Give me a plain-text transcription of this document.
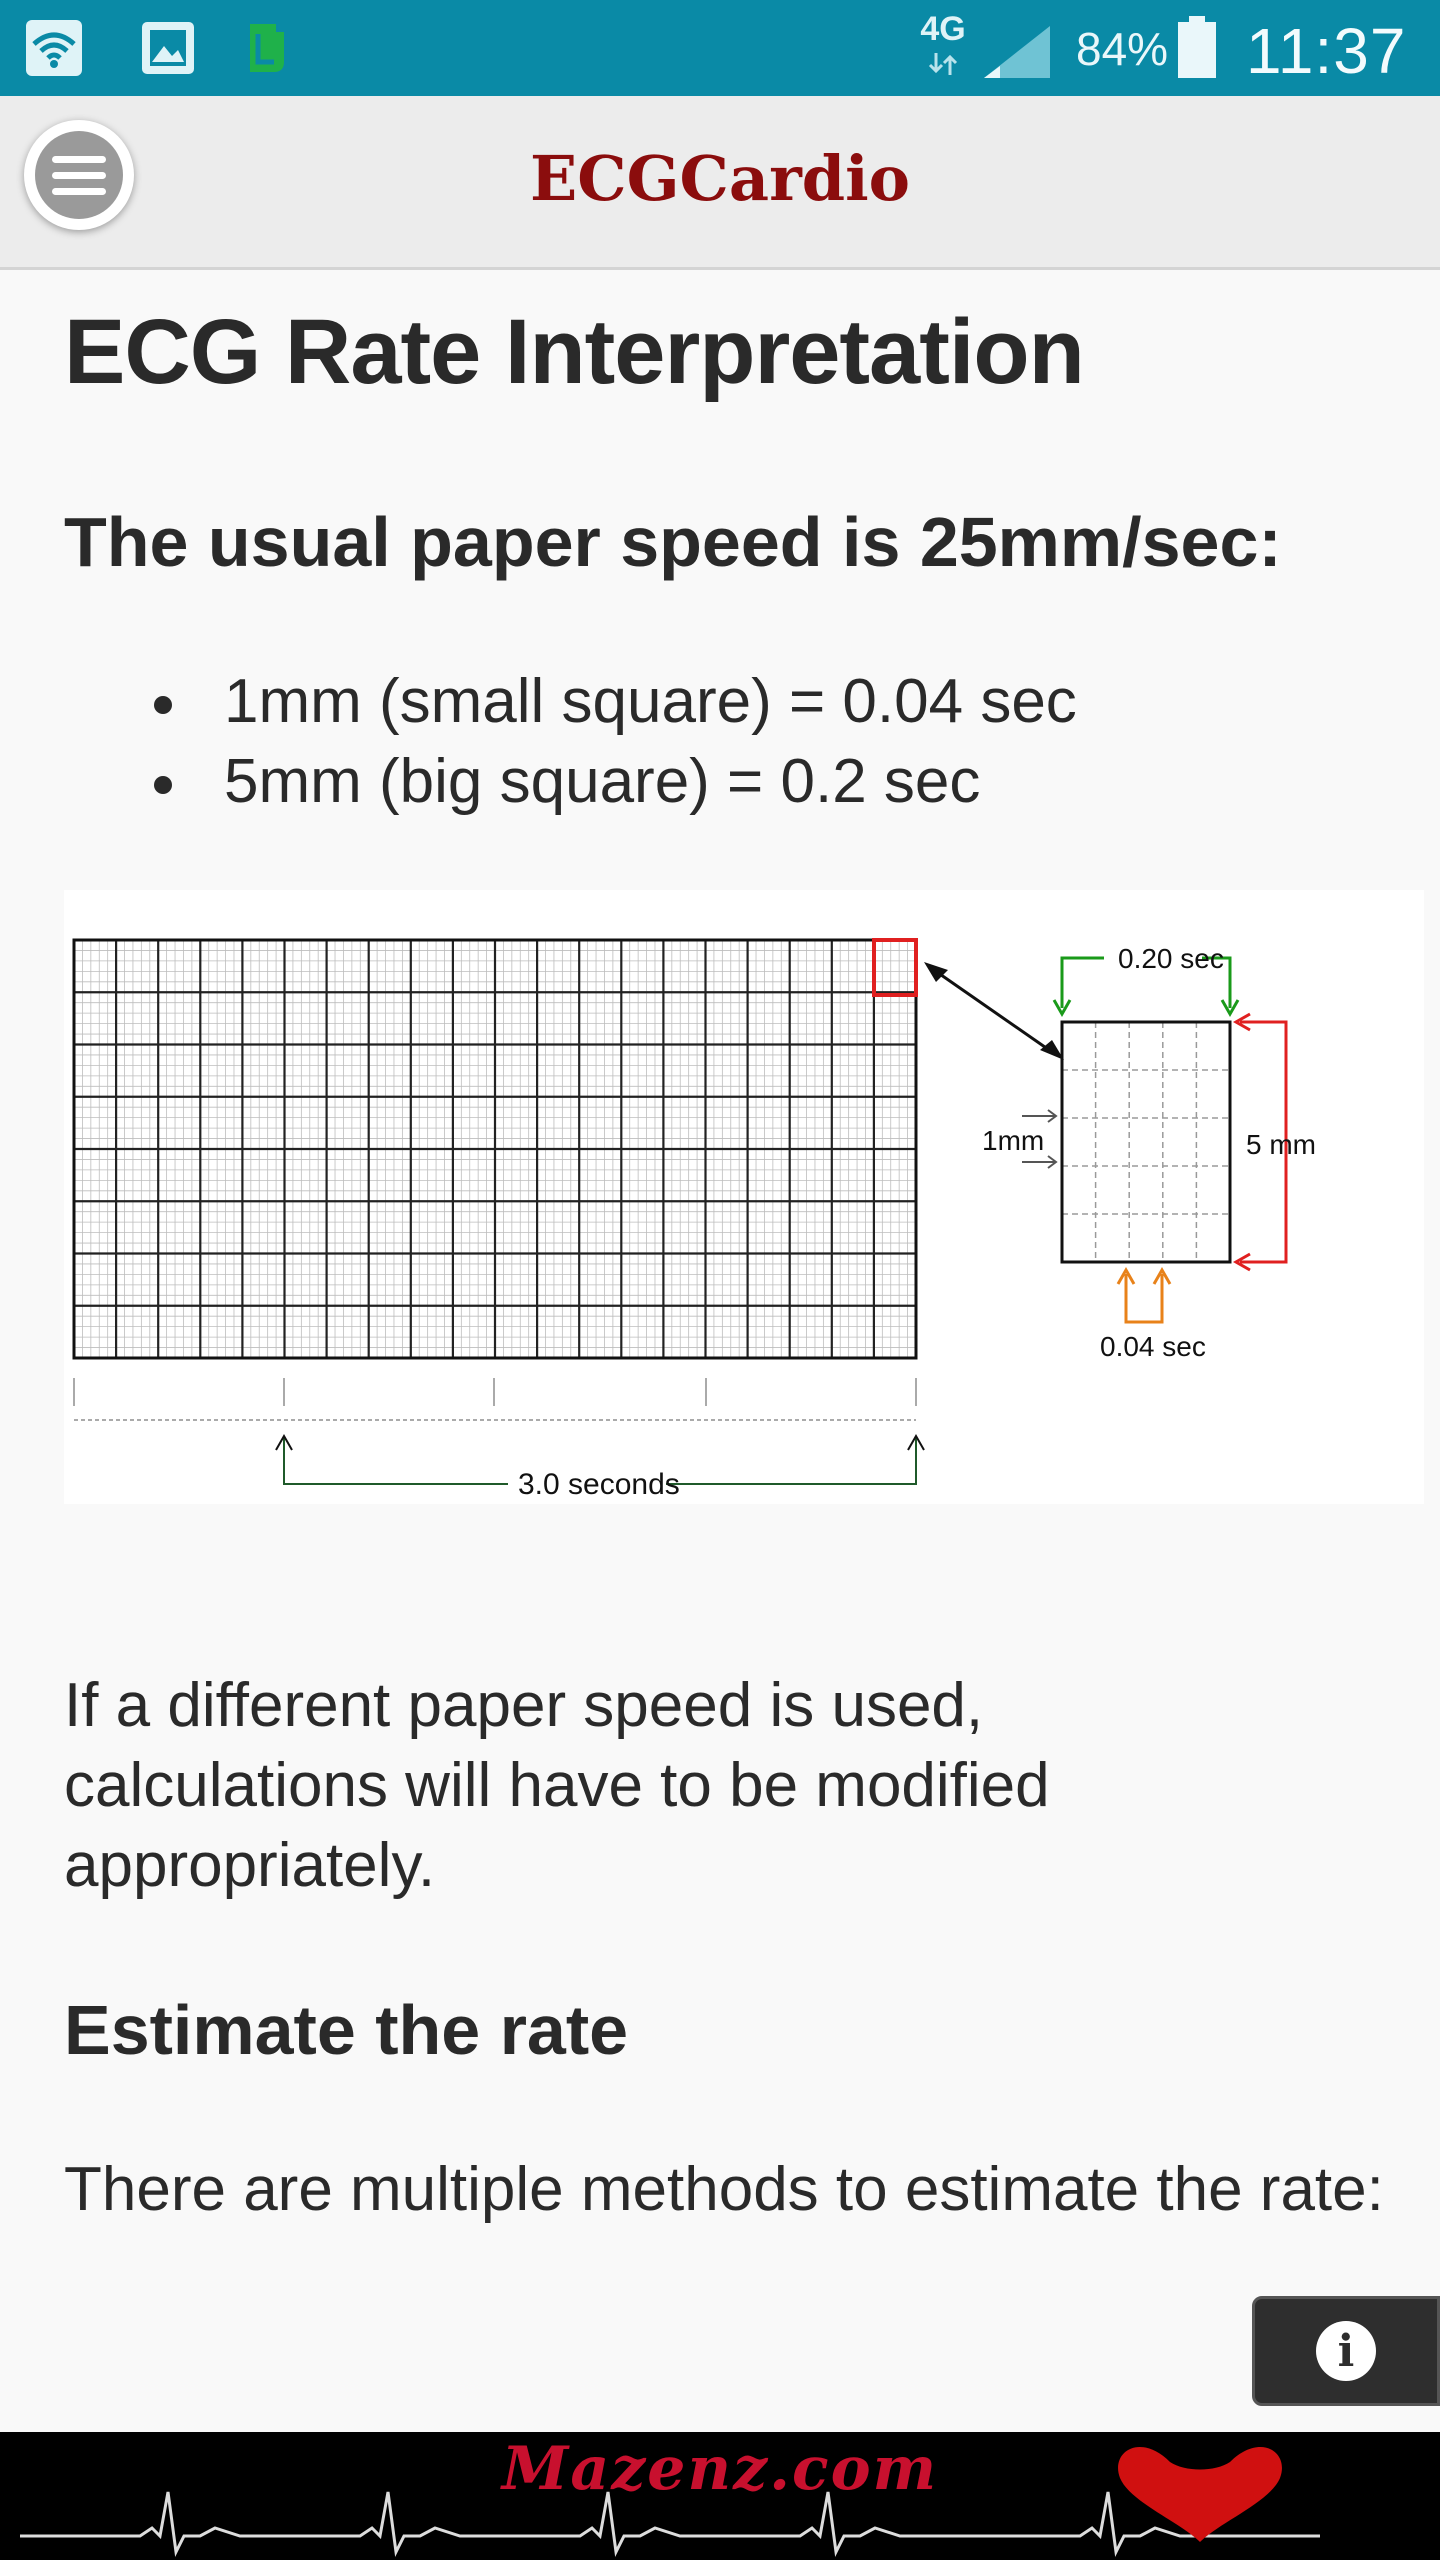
4G 84% 11:37
ECGCardio
ECG Rate Interpretation
The usual paper speed is 25mm/sec:
1mm (small square) = 0.04 sec
5mm (big square) = 0.2 sec
0.20 sec
5 mm
1mm
0.04 sec
3.0 seconds

If a different paper speed is used, calculations will have to be modified appropriately.

Estimate the rate

There are multiple methods to estimate the rate:

i
Mazenz.com
